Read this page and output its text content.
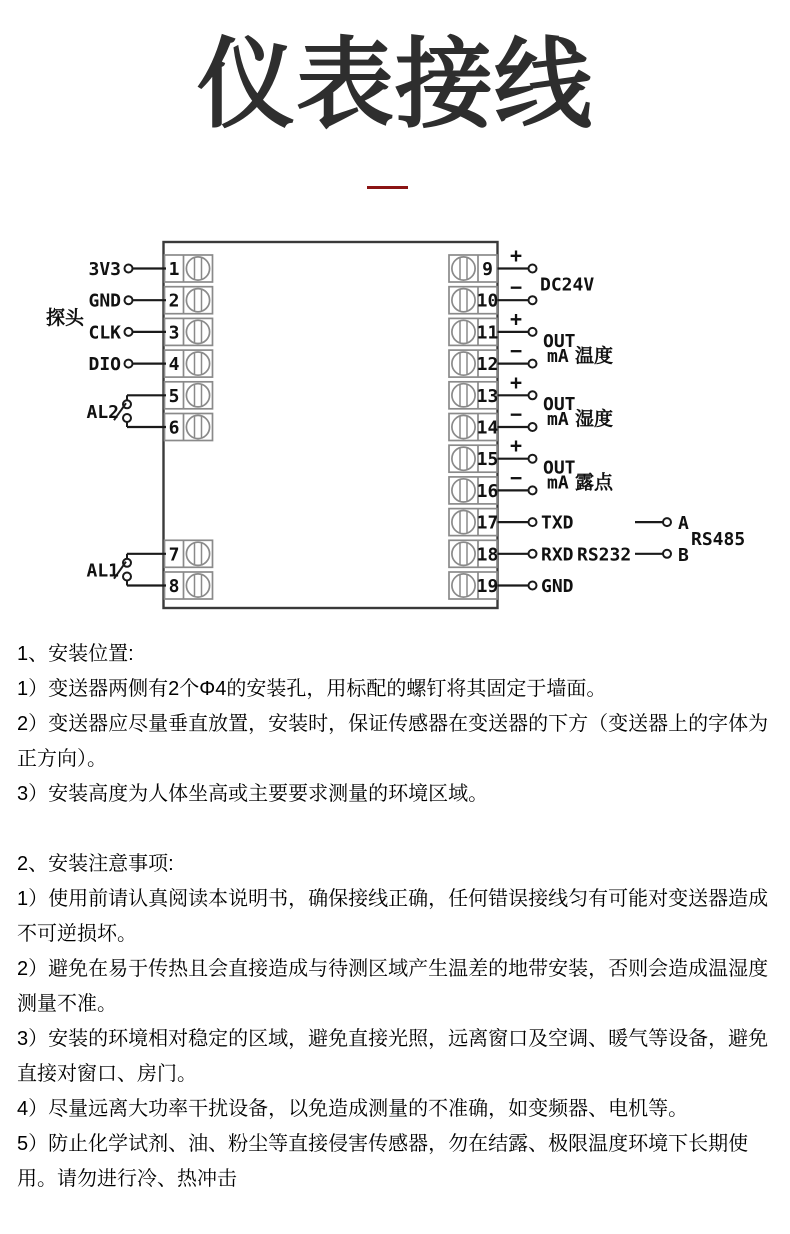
仪表接线
1
2
3
4
5
6
7
8
9
10
11
12
13
14
15
16
17
18
19
3V3
GND
CLK
DIO
探头
AL2
AL1
+
− DC24V
+
− OUT
mA 温度
+
− OUT
mA 湿度
+
− OUT
mA 露点
TXD
RXD
GND
RS232
A
B
RS485

1、安装位置:

1）变送器两侧有2个Φ4的安装孔，用标配的螺钉将其固定于墙面。

2）变送器应尽量垂直放置，安装时，保证传感器在变送器的下方（变送器上的字体为正方向）。

3）安装高度为人体坐高或主要要求测量的环境区域。

2、安装注意事项:

1）使用前请认真阅读本说明书，确保接线正确，任何错误接线匀有可能对变送器造成不可逆损坏。

2）避免在易于传热且会直接造成与待测区域产生温差的地带安装，否则会造成温湿度测量不准。

3）安装的环境相对稳定的区域，避免直接光照，远离窗口及空调、暖气等设备，避免直接对窗口、房门。

4）尽量远离大功率干扰设备，以免造成测量的不准确，如变频器、电机等。

5）防止化学试剂、油、粉尘等直接侵害传感器，勿在结露、极限温度环境下长期使用。请勿进行冷、热冲击
